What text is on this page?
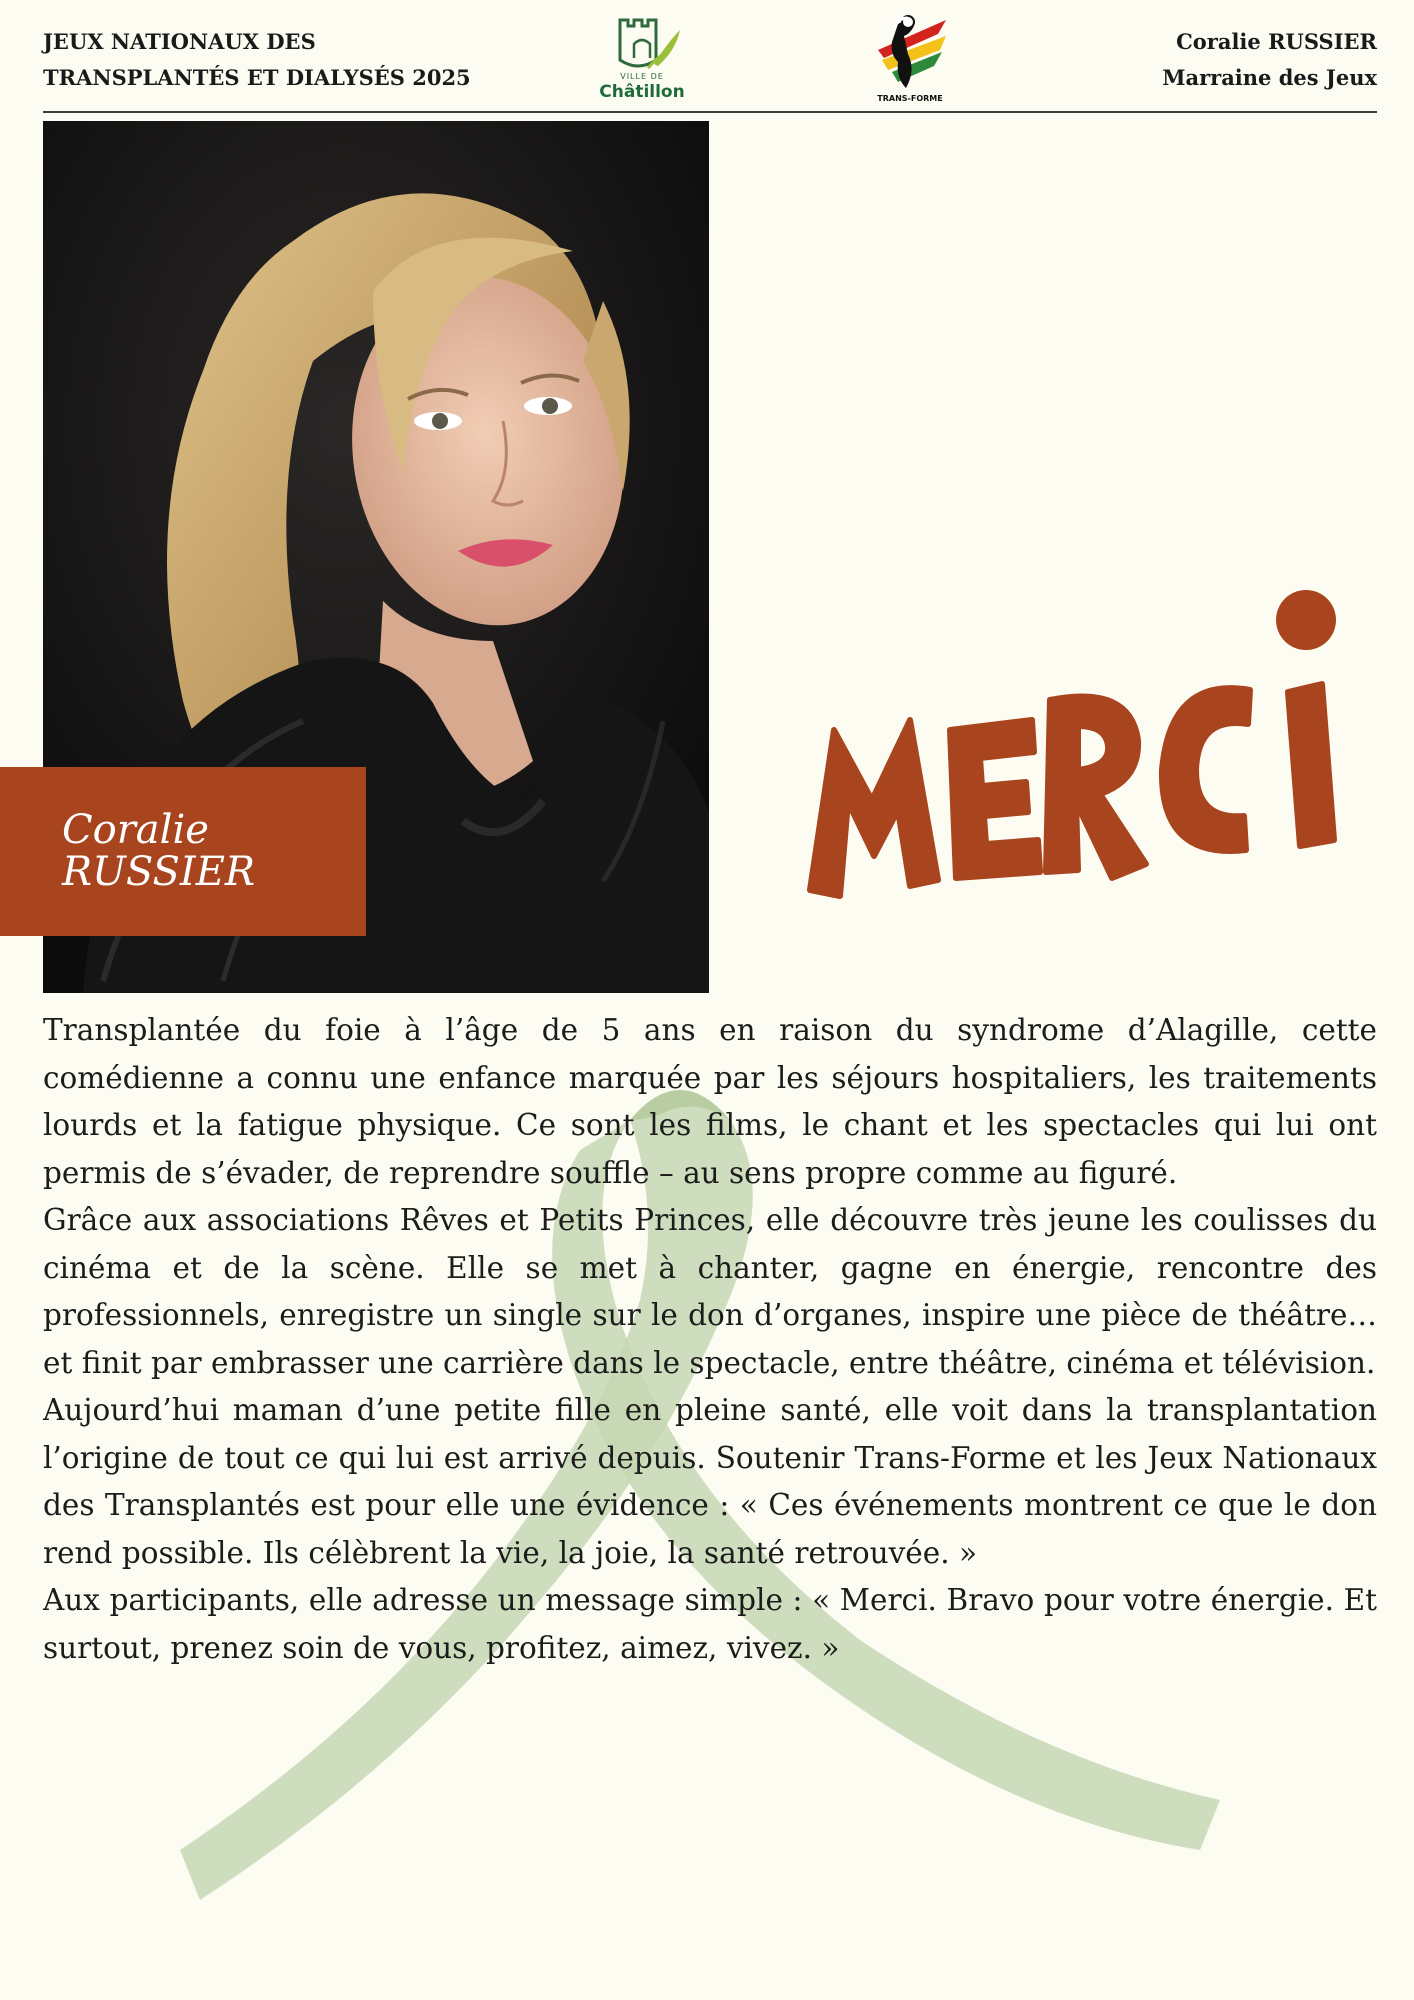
JEUX NATIONAUX DES
TRANSPLANTÉS ET DIALYSÉS 2025	VILLE DE
Châtillon	TRANS-FORME
Coralie RUSSIER
Marraine des Jeux
Coralie
RUSSIER

Transplantée du foie à l’âge de 5 ans en raison du syndrome d’Alagille, cette comédienne a connu une enfance marquée par les séjours hospitaliers, les traitements lourds et la fatigue physique. Ce sont les films, le chant et les spectacles qui lui ont permis de s’évader, de reprendre souffle – au sens propre comme au figuré.

Grâce aux associations Rêves et Petits Princes, elle découvre très jeune les coulisses du cinéma et de la scène. Elle se met à chanter, gagne en énergie, rencontre des professionnels, enregistre un single sur le don d’organes, inspire une pièce de théâtre… et finit par embrasser une carrière dans le spectacle, entre théâtre, cinéma et télévision.

Aujourd’hui maman d’une petite fille en pleine santé, elle voit dans la transplantation l’origine de tout ce qui lui est arrivé depuis. Soutenir Trans-Forme et les Jeux Nationaux des Transplantés est pour elle une évidence : « Ces événements montrent ce que le don rend possible. Ils célèbrent la vie, la joie, la santé retrouvée. »

Aux participants, elle adresse un message simple : « Merci. Bravo pour votre énergie. Et surtout, prenez soin de vous, profitez, aimez, vivez. »
